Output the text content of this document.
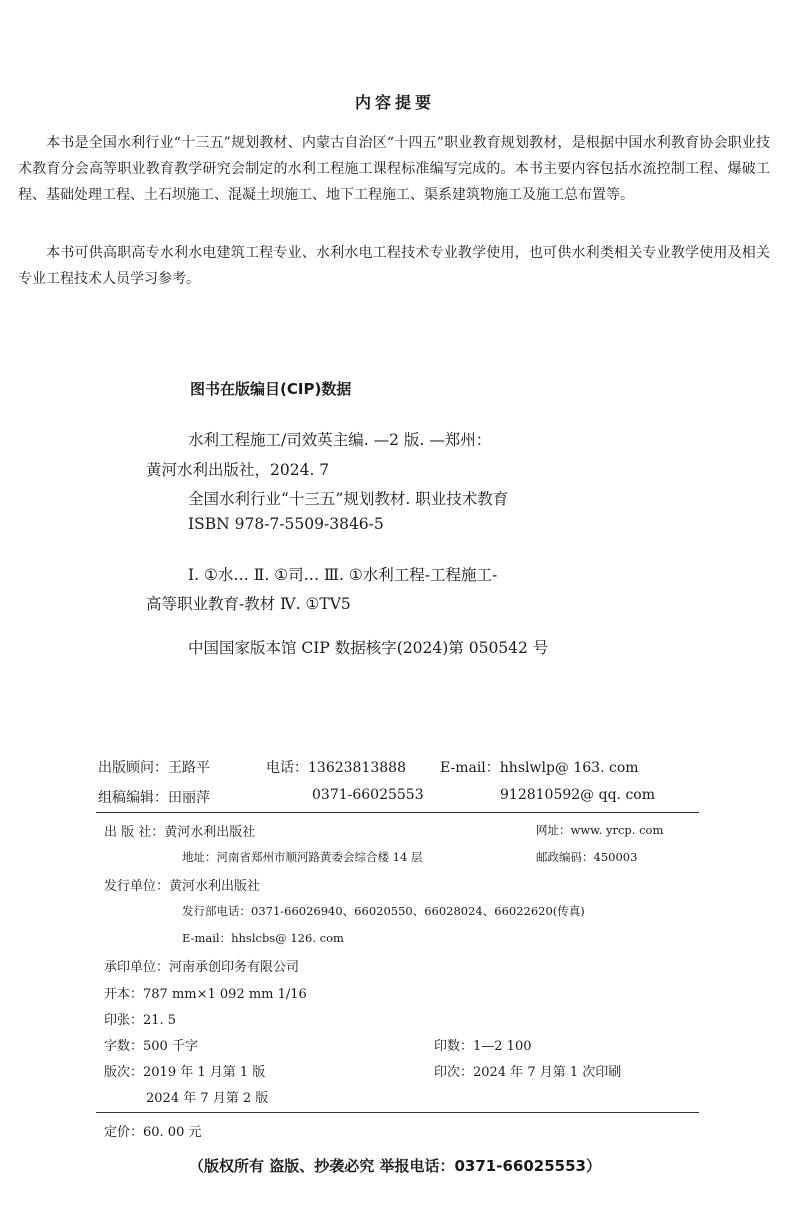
内容提要
本书是全国水利行业“十三五”规划教材、内蒙古自治区“十四五”职业教育规划教材，是根据中国水利教育协会职业技术教育分会高等职业教育教学研究会制定的水利工程施工课程标准编写完成的。本书主要内容包括水流控制工程、爆破工程、基础处理工程、土石坝施工、混凝土坝施工、地下工程施工、渠系建筑物施工及施工总布置等。
本书可供高职高专水利水电建筑工程专业、水利水电工程技术专业教学使用，也可供水利类相关专业教学使用及相关专业工程技术人员学习参考。
图书在版编目(CIP)数据
水利工程施工/司效英主编. —2 版. —郑州：
黄河水利出版社，2024. 7
全国水利行业“十三五”规划教材. 职业技术教育
ISBN 978-7-5509-3846-5
Ⅰ. ①水… Ⅱ. ①司… Ⅲ. ①水利工程-工程施工-
高等职业教育-教材 Ⅳ. ①TV5
中国国家版本馆 CIP 数据核字(2024)第 050542 号
出版顾问：王路平	电话：13623813888 E-mail：hhslwlp@ 163. com
组稿编辑：田丽萍	0371-66025553	912810592@ qq. com
出 版 社：黄河水利出版社	网址：www. yrcp. com
地址：河南省郑州市顺河路黄委会综合楼 14 层	邮政编码：450003
发行单位：黄河水利出版社
发行部电话：0371-66026940、66020550、66028024、66022620(传真)
E-mail：hhslcbs@ 126. com
承印单位：河南承创印务有限公司
开本：787 mm×1 092 mm 1/16
印张：21. 5
字数：500 千字	印数：1—2 100
版次：2019 年 1 月第 1 版	印次：2024 年 7 月第 1 次印刷
2024 年 7 月第 2 版
定价：60. 00 元
（版权所有 盗版、抄袭必究 举报电话：0371-66025553）
